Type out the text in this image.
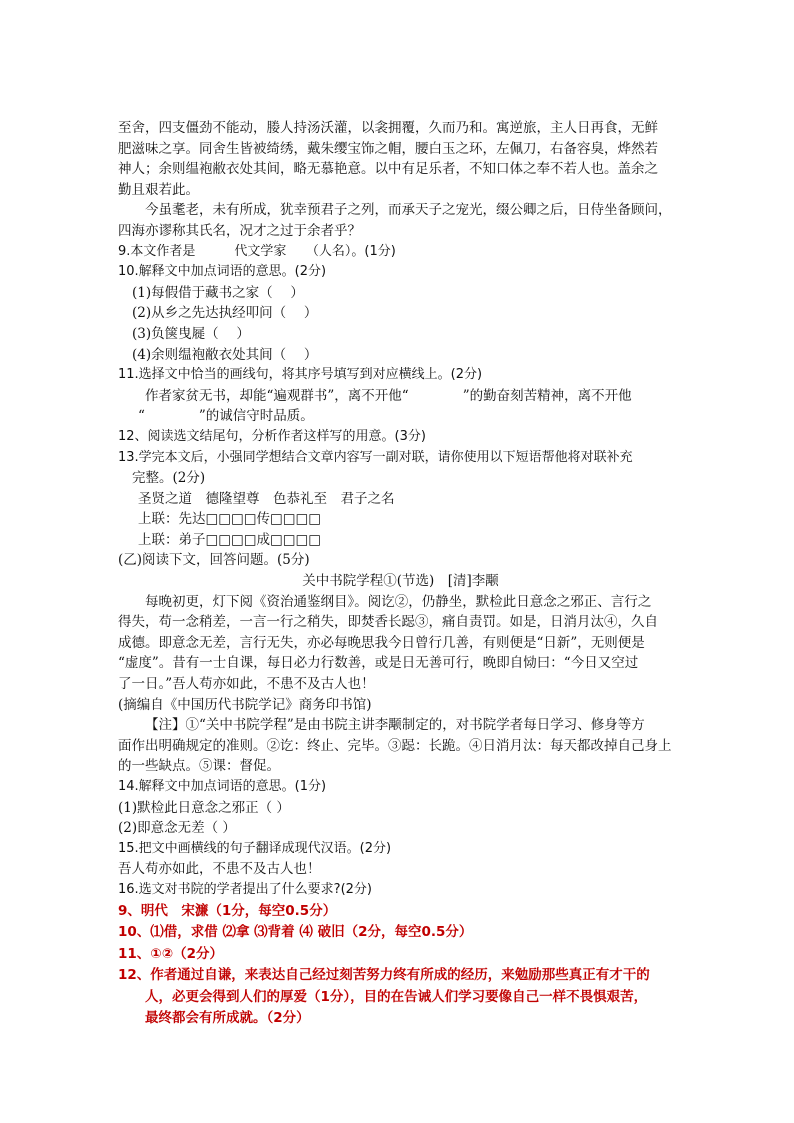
至舍，四支僵劲不能动，媵人持汤沃灌，以衾拥覆，久而乃和。寓逆旅，主人日再食，无鲜
肥滋味之享。同舍生皆被绮绣，戴朱缨宝饰之帽，腰白玉之环，左佩刀，右备容臭，烨然若
神人；余则缊袍敝衣处其间，略无慕艳意。以中有足乐者，不知口体之奉不若人也。盖余之
勤且艰若此。
今虽耄老，未有所成，犹幸预君子之列，而承天子之宠光，缀公卿之后，日侍坐备顾问，
四海亦谬称其氏名，况才之过于余者乎？
9.本文作者是　　　代文学家　　（人名）。(1分)
10.解释文中加点词语的意思。(2分)
(1)每假借于藏书之家（　 ）
(2)从乡之先达执经叩问（　 ）
(3)负箧曳屣（　 ）
(4)余则缊袍敝衣处其间（　 ）
11.选择文中恰当的画线句，将其序号填写到对应横线上。(2分)
作者家贫无书，却能“遍观群书”，离不开他“　　　　”的勤奋刻苦精神，离不开他
“　　　　”的诚信守时品质。
12、阅读选文结尾句，分析作者这样写的用意。(3分)
13.学完本文后，小强同学想结合文章内容写一副对联，请你使用以下短语帮他将对联补充
完整。(2分)
圣贤之道　德隆望尊　色恭礼至　君子之名
上联：先达□□□□传□□□□
上联：弟子□□□□成□□□□
(乙)阅读下文，回答问题。(5分)
关中书院学程①(节选)　[清]李颙
每晚初更，灯下阅《资治通鉴纲目》。阅讫②，仍静坐，默检此日意念之邪正、言行之
得失，苟一念稍差，一言一行之稍失，即焚香长跽③，痛自责罚。如是，日消月汰④，久自
成德。即意念无差，言行无失，亦必每晚思我今日曾行几善，有则便是“日新”，无则便是
“虚度”。昔有一士自课，每日必力行数善，或是日无善可行，晚即自恸曰：“今日又空过
了一日。”吾人苟亦如此，不患不及古人也！
(摘编自《中国历代书院学记》商务印书馆)
【注】①“关中书院学程”是由书院主讲李颙制定的，对书院学者每日学习、修身等方
面作出明确规定的准则。②讫：终止、完毕。③跽：长跪。④日消月汰：每天都改掉自己身上
的一些缺点。⑤课：督促。
14.解释文中加点词语的意思。(1分)
(1)默检此日意念之邪正（ ）
(2)即意念无差（ ）
15.把文中画横线的句子翻译成现代汉语。(2分)
吾人苟亦如此，不患不及古人也！
16.选文对书院的学者提出了什么要求?(2分)
9、明代　宋濂（1分，每空0.5分）
10、⑴借，求借 ⑵拿 ⑶背着 ⑷ 破旧（2分，每空0.5分）
11、①②（2分）
12、作者通过自谦，来表达自己经过刻苦努力终有所成的经历，来勉励那些真正有才干的
人，必更会得到人们的厚爱（1分），目的在告诫人们学习要像自己一样不畏惧艰苦，
最终都会有所成就。（2分）
